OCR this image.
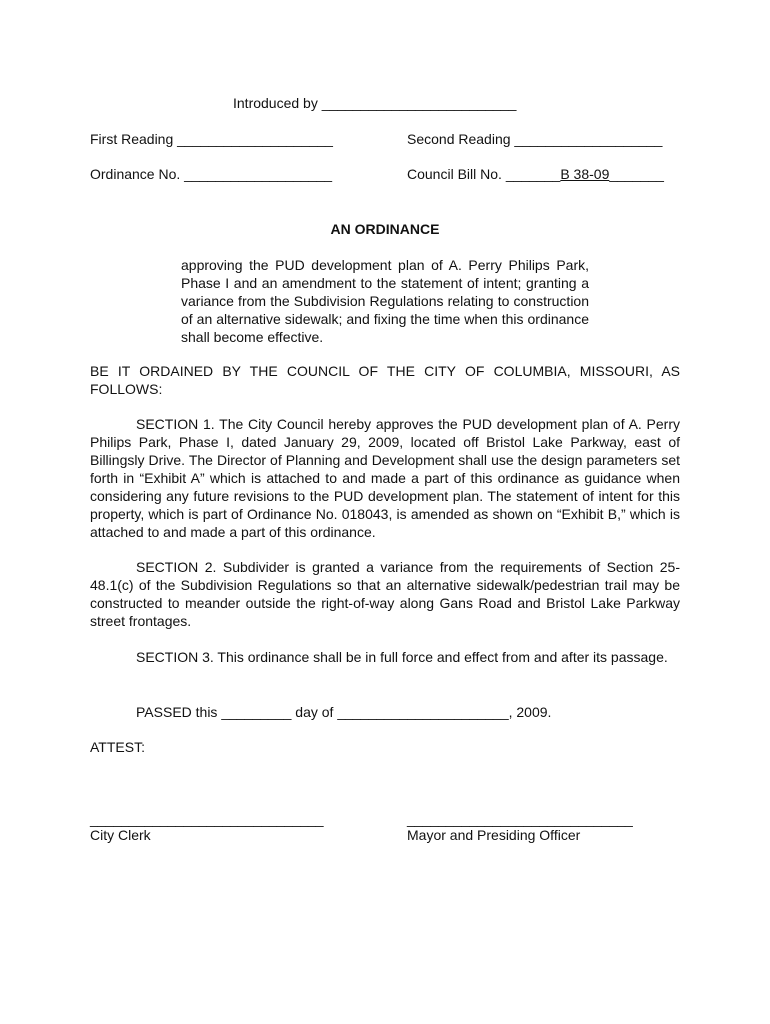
Introduced by _________________________
First Reading ____________________	Second Reading ___________________
Ordinance No. ___________________	Council Bill No. _______B 38-09_______
AN ORDINANCE
approving the PUD development plan of A. Perry Philips Park, Phase I and an amendment to the statement of intent; granting a variance from the Subdivision Regulations relating to construction of an alternative sidewalk; and fixing the time when this ordinance shall become effective.
BE IT ORDAINED BY THE COUNCIL OF THE CITY OF COLUMBIA, MISSOURI, AS FOLLOWS:
SECTION 1. The City Council hereby approves the PUD development plan of A. Perry Philips Park, Phase I, dated January 29, 2009, located off Bristol Lake Parkway, east of Billingsly Drive. The Director of Planning and Development shall use the design parameters set forth in “Exhibit A” which is attached to and made a part of this ordinance as guidance when considering any future revisions to the PUD development plan. The statement of intent for this property, which is part of Ordinance No. 018043, is amended as shown on “Exhibit B,” which is attached to and made a part of this ordinance.
SECTION 2. Subdivider is granted a variance from the requirements of Section 25-48.1(c) of the Subdivision Regulations so that an alternative sidewalk/pedestrian trail may be constructed to meander outside the right-of-way along Gans Road and Bristol Lake Parkway street frontages.
SECTION 3. This ordinance shall be in full force and effect from and after its passage.
PASSED this _________ day of ______________________, 2009.
ATTEST:
______________________________
City Clerk
_____________________________
Mayor and Presiding Officer
